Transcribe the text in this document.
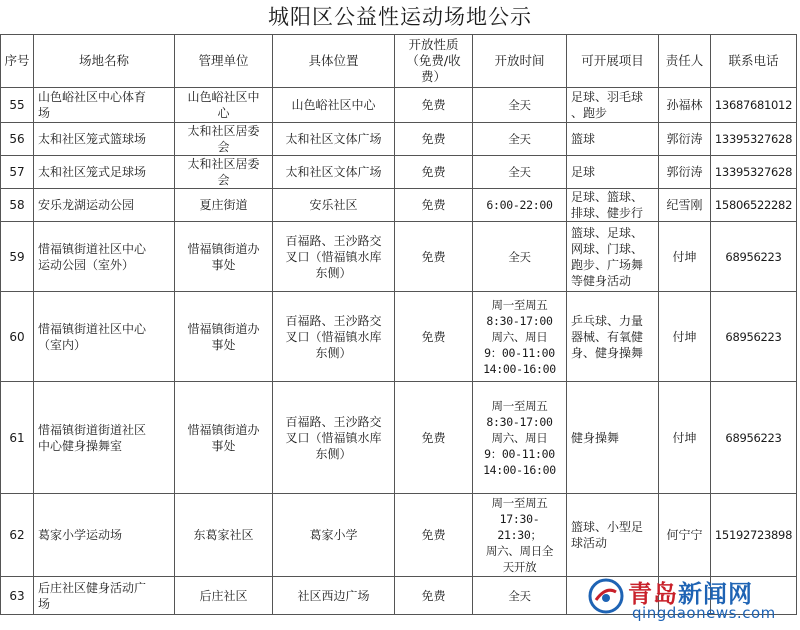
城阳区公益性运动场地公示
序号	场地名称	管理单位	具体位置	开放性质
（免费/收
费）	开放时间	可开展项目	责任人	联系电话
55	山色峪社区中心体育
场	山色峪社区中
心	山色峪社区中心	免费	全天	足球、羽毛球
、跑步	孙福林	13687681012
56	太和社区笼式篮球场	太和社区居委
会	太和社区文体广场	免费	全天	篮球	郭衍涛	13395327628
57	太和社区笼式足球场	太和社区居委
会	太和社区文体广场	免费	全天	足球	郭衍涛	13395327628
58	安乐龙湖运动公园	夏庄街道	安乐社区	免费	6:00-22:00	足球、篮球、
排球、健步行	纪雪刚	15806522282
59	惜福镇街道社区中心
运动公园（室外）	惜福镇街道办
事处	百福路、王沙路交
叉口（惜福镇水库
东侧）	免费	全天	篮球、足球、
网球、门球、
跑步、广场舞
等健身活动	付坤	68956223
60	惜福镇街道社区中心
（室内）	惜福镇街道办
事处	百福路、王沙路交
叉口（惜福镇水库
东侧）	免费	周一至周五
8:30-17:00
周六、周日
9：00-11:00
14:00-16:00	乒乓球、力量
器械、有氧健
身、健身操舞	付坤	68956223
61	惜福镇街道街道社区
中心健身操舞室	惜福镇街道办
事处	百福路、王沙路交
叉口（惜福镇水库
东侧）	免费	周一至周五
8:30-17:00
周六、周日
9：00-11:00
14:00-16:00	健身操舞	付坤	68956223
62	葛家小学运动场	东葛家社区	葛家小学	免费	周一至周五
17:30-
21:30；
周六、周日全
天开放	篮球、小型足
球活动	何宁宁	15192723898
63	后庄社区健身活动广
场	后庄社区	社区西边广场	免费	全天				青岛新闻网
qingdaonews.com
